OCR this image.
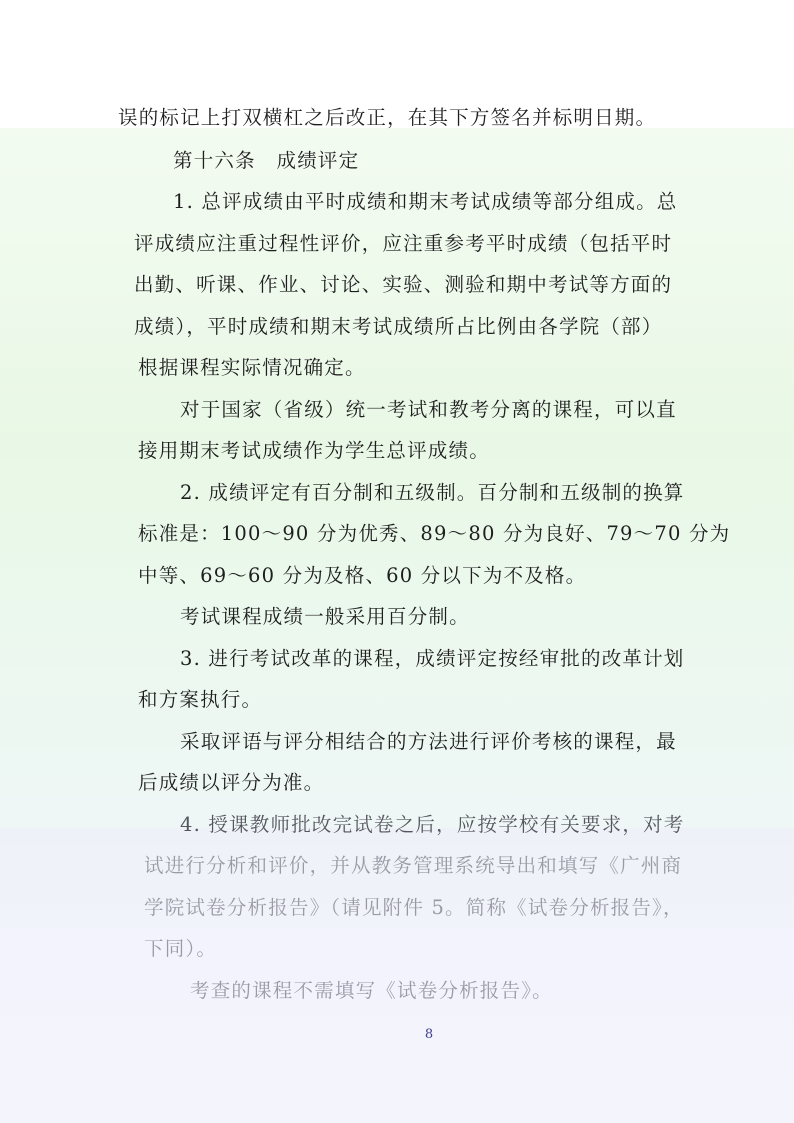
误的标记上打双横杠之后改正，在其下方签名并标明日期。
第十六条　成绩评定
1. 总评成绩由平时成绩和期末考试成绩等部分组成。总
评成绩应注重过程性评价，应注重参考平时成绩（包括平时
出勤、听课、作业、讨论、实验、测验和期中考试等方面的
成绩），平时成绩和期末考试成绩所占比例由各学院（部）
根据课程实际情况确定。
对于国家（省级）统一考试和教考分离的课程，可以直
接用期末考试成绩作为学生总评成绩。
2. 成绩评定有百分制和五级制。百分制和五级制的换算
标准是：100～90 分为优秀、89～80 分为良好、79～70 分为
中等、69～60 分为及格、60 分以下为不及格。
考试课程成绩一般采用百分制。
3. 进行考试改革的课程，成绩评定按经审批的改革计划
和方案执行。
采取评语与评分相结合的方法进行评价考核的课程，最
后成绩以评分为准。
4. 授课教师批改完试卷之后，应按学校有关要求，对考
试进行分析和评价，并从教务管理系统导出和填写《广州商
学院试卷分析报告》（请见附件 5。简称《试卷分析报告》，
下同）。
考查的课程不需填写《试卷分析报告》。
8
